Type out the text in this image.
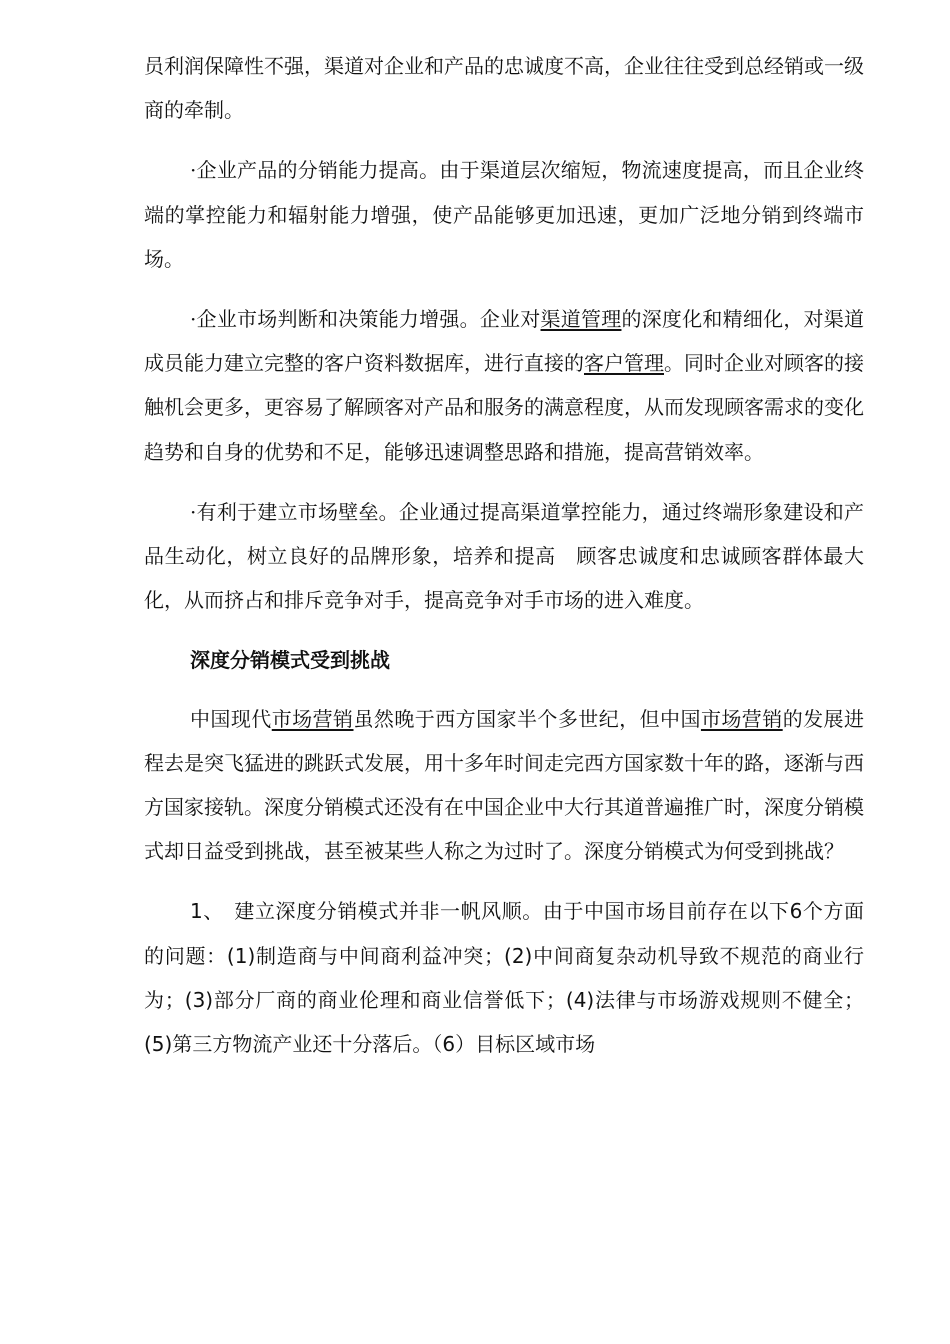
员利润保障性不强，渠道对企业和产品的忠诚度不高，企业往往受到总经销或一级商的牵制。

·企业产品的分销能力提高。由于渠道层次缩短，物流速度提高，而且企业终端的掌控能力和辐射能力增强，使产品能够更加迅速，更加广泛地分销到终端市场。

·企业市场判断和决策能力增强。企业对渠道管理的深度化和精细化，对渠道成员能力建立完整的客户资料数据库，进行直接的客户管理。同时企业对顾客的接触机会更多，更容易了解顾客对产品和服务的满意程度，从而发现顾客需求的变化趋势和自身的优势和不足，能够迅速调整思路和措施，提高营销效率。

·有利于建立市场壁垒。企业通过提高渠道掌控能力，通过终端形象建设和产品生动化，树立良好的品牌形象，培养和提高　顾客忠诚度和忠诚顾客群体最大化，从而挤占和排斥竞争对手，提高竞争对手市场的进入难度。

深度分销模式受到挑战

中国现代市场营销虽然晚于西方国家半个多世纪，但中国市场营销的发展进程去是突飞猛进的跳跃式发展，用十多年时间走完西方国家数十年的路，逐渐与西方国家接轨。深度分销模式还没有在中国企业中大行其道普遍推广时，深度分销模式却日益受到挑战，甚至被某些人称之为过时了。深度分销模式为何受到挑战？

1、　建立深度分销模式并非一帆风顺。由于中国市场目前存在以下6个方面的问题：(1)制造商与中间商利益冲突；(2)中间商复杂动机导致不规范的商业行为；(3)部分厂商的商业伦理和商业信誉低下；(4)法律与市场游戏规则不健全；(5)第三方物流产业还十分落后。（6）目标区域市场
